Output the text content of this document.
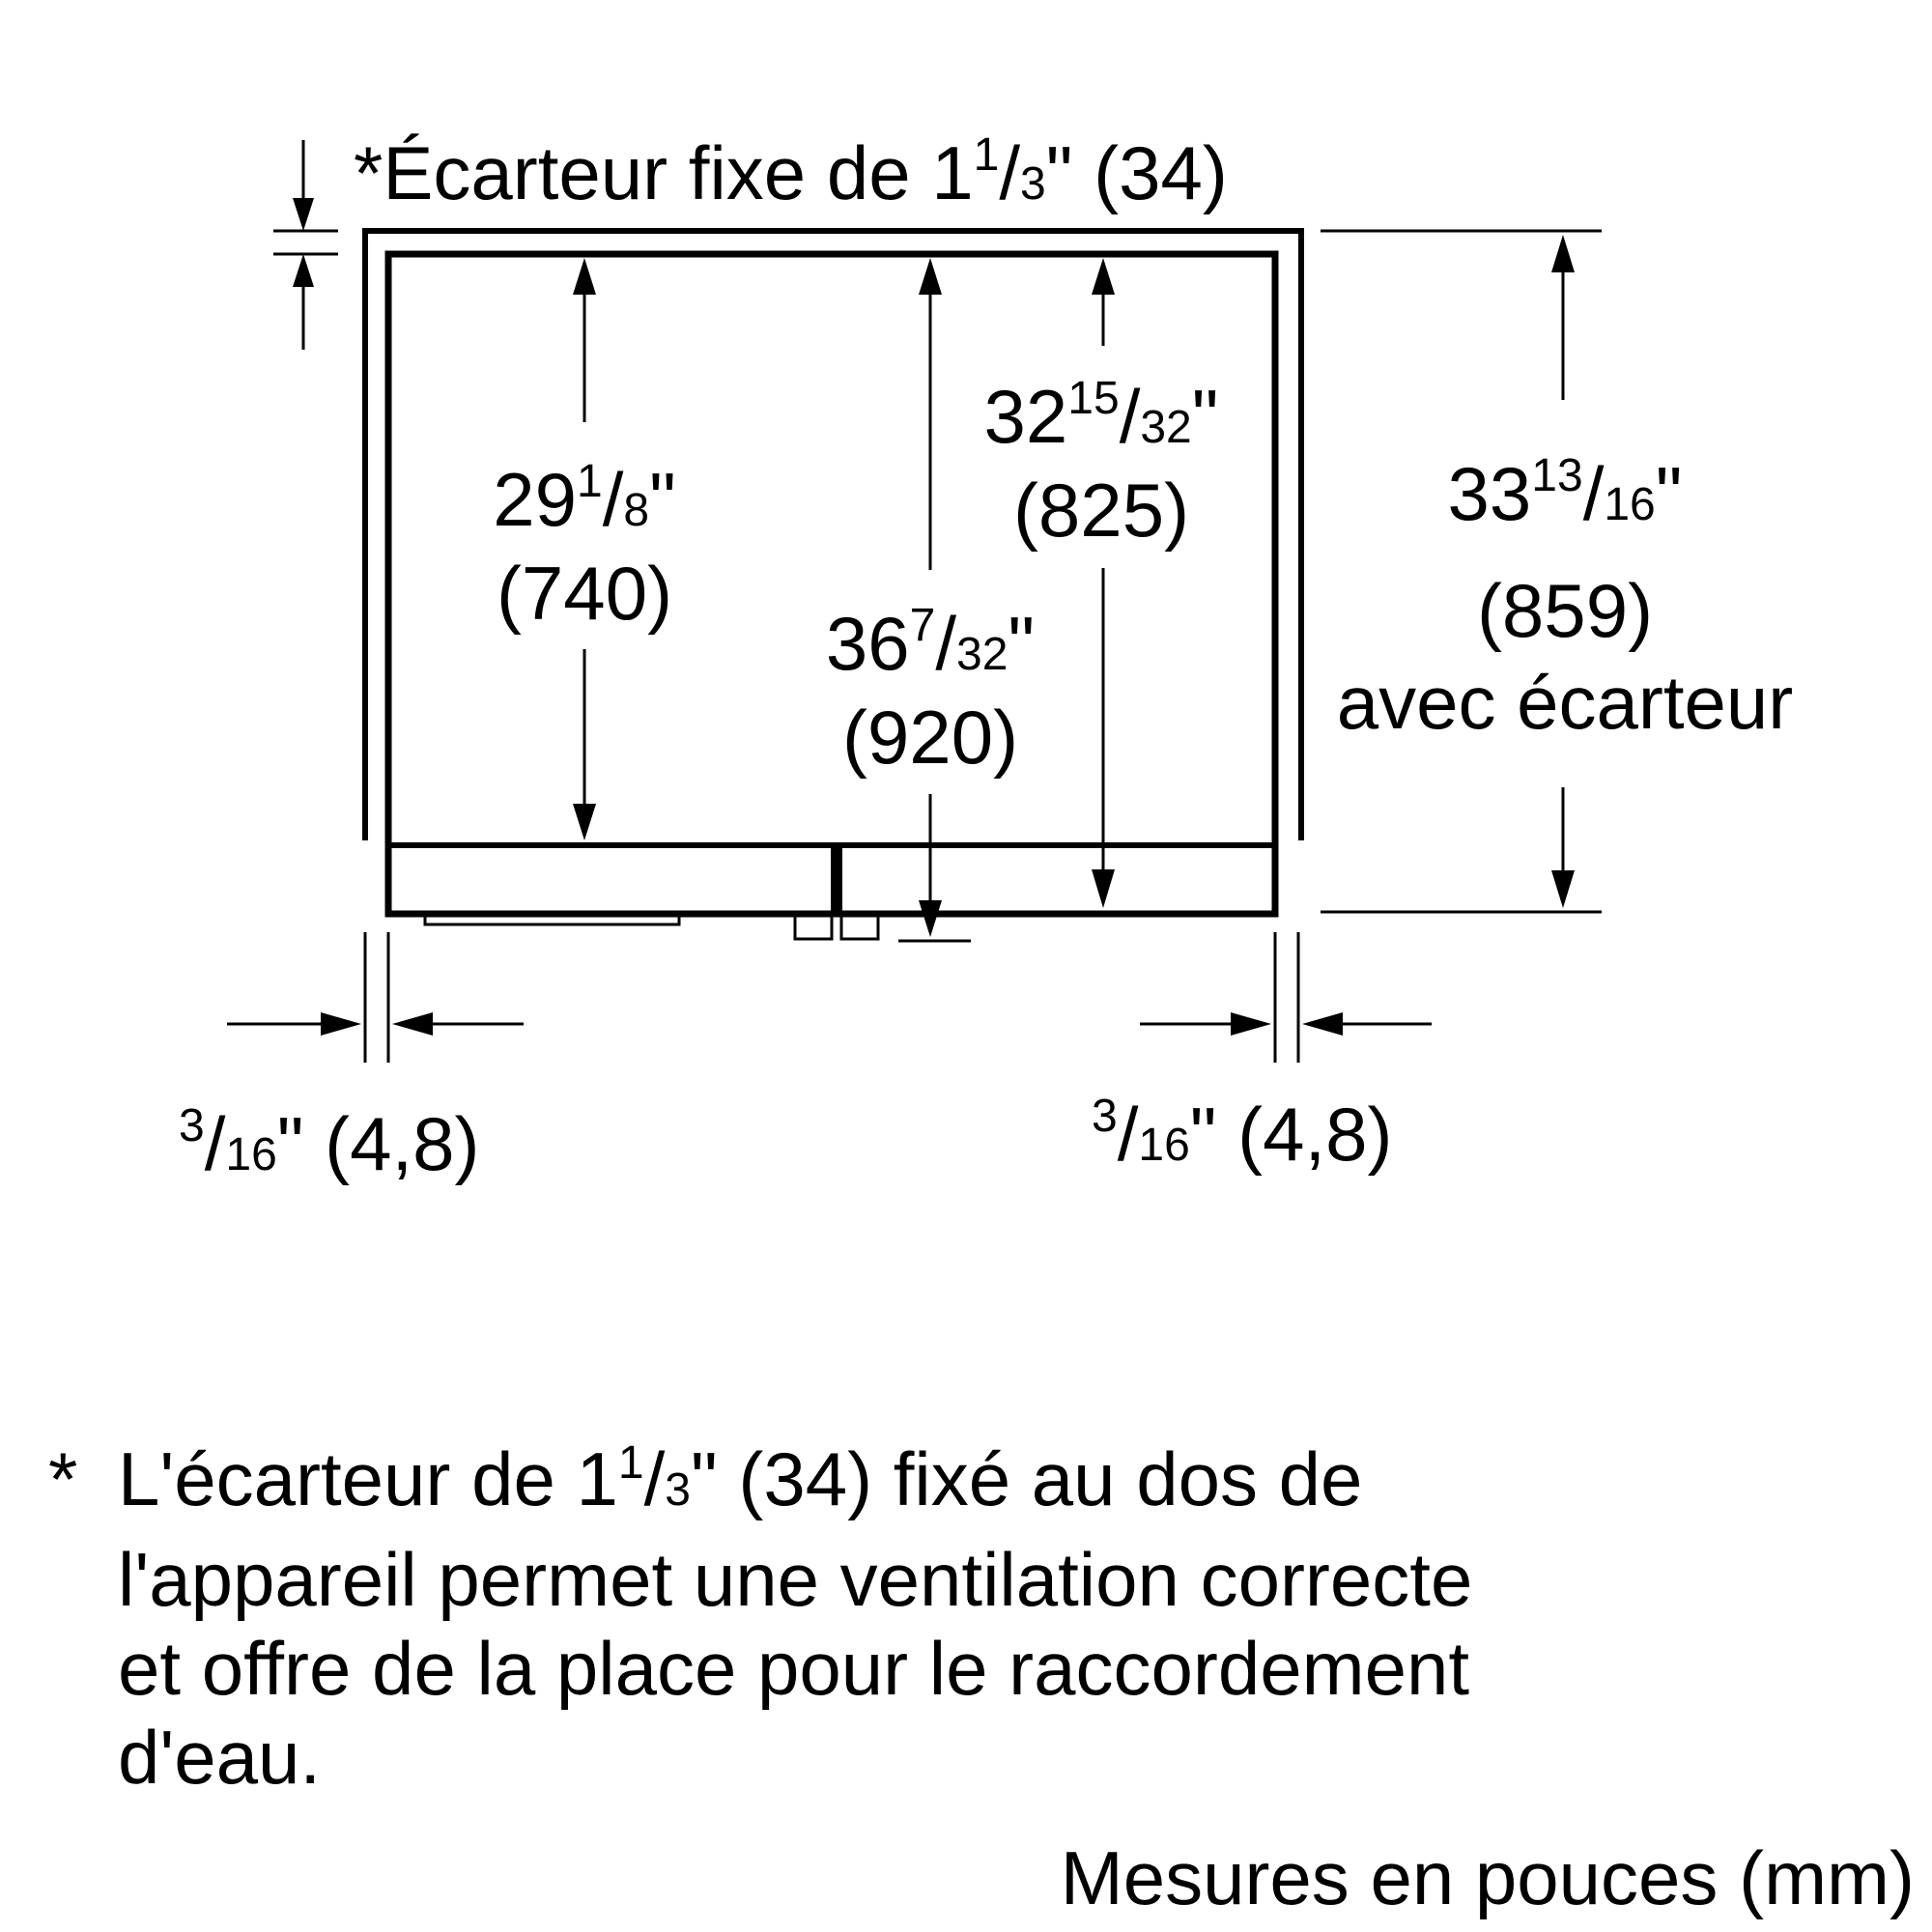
*Écarteur fixe de $1^1/3$" (34)
$29^1/8$"
(740)
$32^{15}/32$"
(825)
$36^7/32$"
(920)
$33^{13}/16$"
(859)
avec écarteur
$^3$/16" (4,8)	$^3$/16" (4,8)
* L'écarteur de $1^1/3$" (34) fixé au dos de
l'appareil permet une ventilation correcte
et offre de la place pour le raccordement
d'eau.
Mesures en pouces (mm)
